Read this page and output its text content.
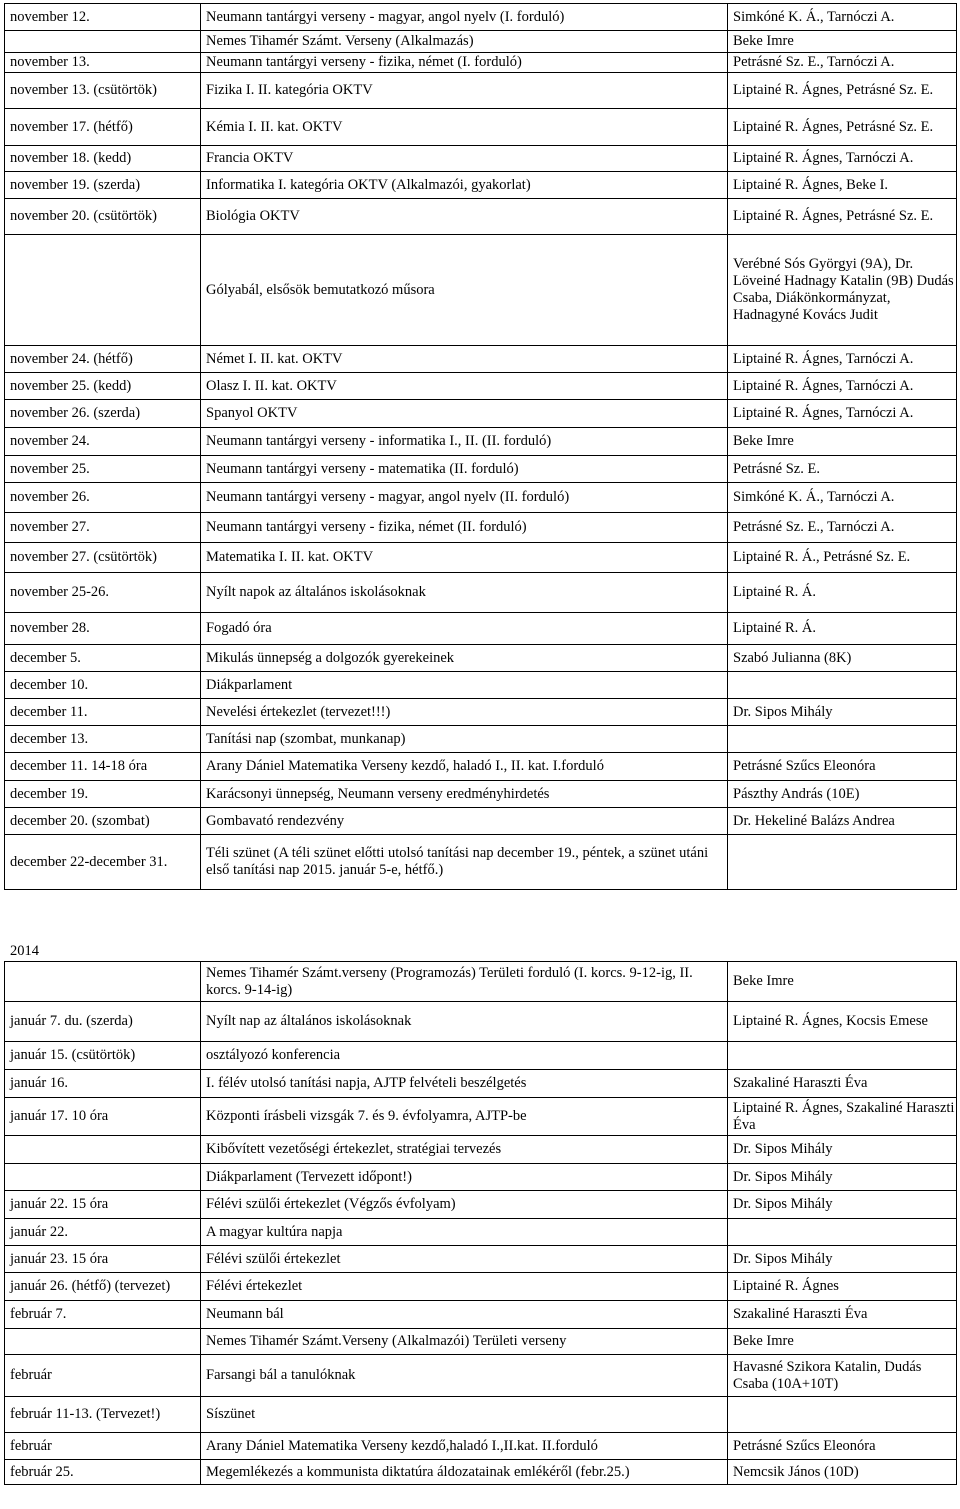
november 12.	Neumann tantárgyi verseny - magyar, angol nyelv (I. forduló)	Simkóné K. Á., Tarnóczi A.
	Nemes Tihamér Számt. Verseny (Alkalmazás)	Beke Imre
november 13.	Neumann tantárgyi verseny - fizika, német (I. forduló)	Petrásné Sz. E., Tarnóczi A.
november 13. (csütörtök)	Fizika I. II. kategória OKTV	Liptainé R. Ágnes, Petrásné Sz. E.
november 17. (hétfő)	Kémia I. II. kat. OKTV	Liptainé R. Ágnes, Petrásné Sz. E.
november 18. (kedd)	Francia OKTV	Liptainé R. Ágnes, Tarnóczi A.
november 19. (szerda)	Informatika I. kategória OKTV (Alkalmazói, gyakorlat)	Liptainé R. Ágnes, Beke I.
november 20. (csütörtök)	Biológia OKTV	Liptainé R. Ágnes, Petrásné Sz. E.
	Gólyabál, elsősök bemutatkozó műsora	Verébné Sós Györgyi (9A), Dr. Löveiné Hadnagy Katalin (9B) Dudás Csaba, Diákönkormányzat, Hadnagyné Kovács Judit
november 24. (hétfő)	Német I. II. kat. OKTV	Liptainé R. Ágnes, Tarnóczi A.
november 25. (kedd)	Olasz I. II. kat. OKTV	Liptainé R. Ágnes, Tarnóczi A.
november 26. (szerda)	Spanyol OKTV	Liptainé R. Ágnes, Tarnóczi A.
november 24.	Neumann tantárgyi verseny - informatika I., II. (II. forduló)	Beke Imre
november 25.	Neumann tantárgyi verseny - matematika (II. forduló)	Petrásné Sz. E.
november 26.	Neumann tantárgyi verseny - magyar, angol nyelv (II. forduló)	Simkóné K. Á., Tarnóczi A.
november 27.	Neumann tantárgyi verseny - fizika, német (II. forduló)	Petrásné Sz. E., Tarnóczi A.
november 27. (csütörtök)	Matematika I. II. kat. OKTV	Liptainé R. Á., Petrásné Sz. E.
november 25-26.	Nyílt napok az általános iskolásoknak	Liptainé R. Á.
november 28.	Fogadó óra	Liptainé R. Á.
december 5.	Mikulás ünnepség a dolgozók gyerekeinek	Szabó Julianna (8K)
december 10.	Diákparlament	
december 11.	Nevelési értekezlet (tervezet!!!)	Dr. Sipos Mihály
december 13.	Tanítási nap (szombat, munkanap)	
december 11. 14-18 óra	Arany Dániel Matematika Verseny kezdő, haladó I., II. kat. I.forduló	Petrásné Szűcs Eleonóra
december 19.	Karácsonyi ünnepség, Neumann verseny eredményhirdetés	Pászthy András (10E)
december 20. (szombat)	Gombavató rendezvény	Dr. Hekeliné Balázs Andrea
december 22-december 31.	Téli szünet (A téli szünet előtti utolsó tanítási nap december 19., péntek, a szünet utáni első tanítási nap 2015. január 5-e, hétfő.)	
2014
	Nemes Tihamér Számt.verseny (Programozás) Területi forduló (I. korcs. 9-12-ig, II. korcs. 9-14-ig)	Beke Imre
január 7. du. (szerda)	Nyílt nap az általános iskolásoknak	Liptainé R. Ágnes, Kocsis Emese
január 15. (csütörtök)	osztályozó konferencia	
január 16.	I. félév utolsó tanítási napja, AJTP felvételi beszélgetés	Szakaliné Haraszti Éva
január 17. 10 óra	Központi írásbeli vizsgák 7. és 9. évfolyamra, AJTP-be	Liptainé R. Ágnes, Szakaliné Haraszti Éva
	Kibővített vezetőségi értekezlet, stratégiai tervezés	Dr. Sipos Mihály
	Diákparlament (Tervezett időpont!)	Dr. Sipos Mihály
január 22. 15 óra	Félévi szülői értekezlet (Végzős évfolyam)	Dr. Sipos Mihály
január 22.	A magyar kultúra napja	
január 23. 15 óra	Félévi szülői értekezlet	Dr. Sipos Mihály
január 26. (hétfő) (tervezet)	Félévi értekezlet	Liptainé R. Ágnes
február 7.	Neumann bál	Szakaliné Haraszti Éva
	Nemes Tihamér Számt.Verseny (Alkalmazói) Területi verseny	Beke Imre
február	Farsangi bál a tanulóknak	Havasné Szikora Katalin, Dudás Csaba (10A+10T)
február 11-13. (Tervezet!)	Síszünet	
február	Arany Dániel Matematika Verseny kezdő,haladó I.,II.kat. II.forduló	Petrásné Szűcs Eleonóra
február 25.	Megemlékezés a kommunista diktatúra áldozatainak emlékéről (febr.25.)	Nemcsik János (10D)
